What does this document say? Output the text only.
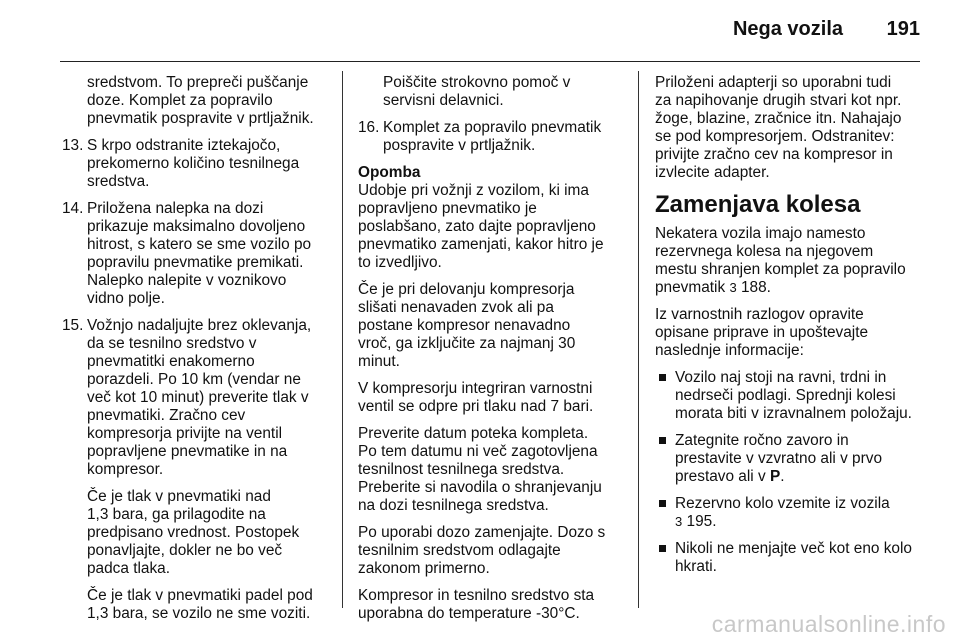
Nega vozila 191
sredstvom. To prepreči puščanje
doze. Komplet za popravilo
pnevmatik pospravite v prtljažnik.
13. S krpo odstranite iztekajočo,
prekomerno količino tesnilnega
sredstva.
14. Priložena nalepka na dozi
prikazuje maksimalno dovoljeno
hitrost, s katero se sme vozilo po
popravilu pnevmatike premikati.
Nalepko nalepite v voznikovo
vidno polje.
15. Vožnjo nadaljujte brez oklevanja,
da se tesnilno sredstvo v
pnevmatitki enakomerno
porazdeli. Po 10 km (vendar ne
več kot 10 minut) preverite tlak v
pnevmatiki. Zračno cev
kompresorja privijte na ventil
popravljene pnevmatike in na
kompresor.
Če je tlak v pnevmatiki nad
1,3 bara, ga prilagodite na
predpisano vrednost. Postopek
ponavljajte, dokler ne bo več
padca tlaka.
Če je tlak v pnevmatiki padel pod
1,3 bara, se vozilo ne sme voziti.
Poiščite strokovno pomoč v
servisni delavnici.
16. Komplet za popravilo pnevmatik
pospravite v prtljažnik.
Opomba
Udobje pri vožnji z vozilom, ki ima
popravljeno pnevmatiko je
poslabšano, zato dajte popravljeno
pnevmatiko zamenjati, kakor hitro je
to izvedljivo.
Če je pri delovanju kompresorja
slišati nenavaden zvok ali pa
postane kompresor nenavadno
vroč, ga izključite za najmanj 30
minut.
V kompresorju integriran varnostni
ventil se odpre pri tlaku nad 7 bari.
Preverite datum poteka kompleta.
Po tem datumu ni več zagotovljena
tesnilnost tesnilnega sredstva.
Preberite si navodila o shranjevanju
na dozi tesnilnega sredstva.
Po uporabi dozo zamenjajte. Dozo s
tesnilnim sredstvom odlagajte
zakonom primerno.
Kompresor in tesnilno sredstvo sta
uporabna do temperature -30°C.
Priloženi adapterji so uporabni tudi
za napihovanje drugih stvari kot npr.
žoge, blazine, zračnice itn. Nahajajo
se pod kompresorjem. Odstranitev:
privijte zračno cev na kompresor in
izvlecite adapter.
Zamenjava kolesa
Nekatera vozila imajo namesto
rezervnega kolesa na njegovem
mestu shranjen komplet za popravilo
pnevmatik 3 188.
Iz varnostnih razlogov opravite
opisane priprave in upoštevajte
naslednje informacije:
Vozilo naj stoji na ravni, trdni in
nedrseči podlagi. Sprednji kolesi
morata biti v izravnalnem položaju.
Zategnite ročno zavoro in
prestavite v vzvratno ali v prvo
prestavo ali v P.
Rezervno kolo vzemite iz vozila
3 195.
Nikoli ne menjajte več kot eno kolo
hkrati.
carmanualsonline.info
